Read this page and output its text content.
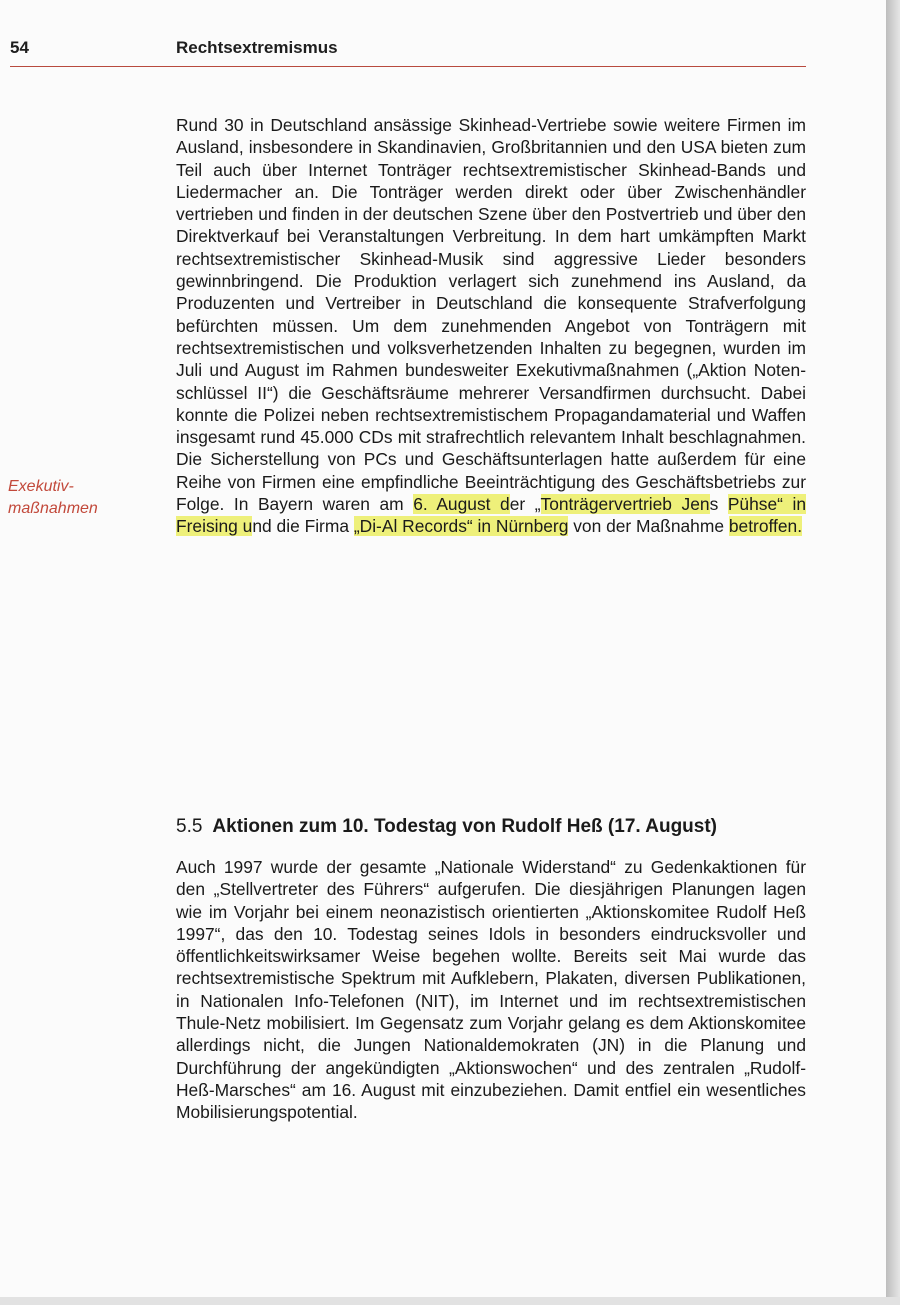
54	Rechtsextremismus
Exekutiv-
maßnahmen

Rund 30 in Deutschland ansässige Skinhead-Vertriebe sowie weitere Firmen im Ausland, insbesondere in Skandinavien, Großbritannien und den USA bieten zum Teil auch über Internet Tonträger rechtsextremistischer Skinhead-Bands und Liedermacher an. Die Tonträger werden direkt oder über Zwischenhändler vertrieben und finden in der deutschen Szene über den Postvertrieb und über den Direktverkauf bei Veranstaltungen Verbreitung. In dem hart umkämpften Markt rechtsextremistischer Skinhead-Musik sind aggressive Lieder besonders gewinnbringend. Die Produktion verlagert sich zunehmend ins Ausland, da Produzenten und Vertreiber in Deutschland die konsequente Strafverfolgung befürchten müssen. Um dem zunehmenden Angebot von Tonträgern mit rechtsextremistischen und volksverhetzenden Inhalten zu begegnen, wurden im Juli und August im Rahmen bundesweiter Exekutivmaßnahmen („Aktion Notenschlüssel II“) die Geschäftsräume mehrerer Versandfirmen durchsucht. Dabei konnte die Polizei neben rechtsextremistischem Propagandamaterial und Waffen insgesamt rund 45.000 CDs mit strafrechtlich relevantem Inhalt beschlagnahmen. Die Sicherstellung von PCs und Geschäftsunterlagen hatte außerdem für eine Reihe von Firmen eine empfindliche Beeinträchtigung des Geschäftsbetriebs zur Folge. In Bayern waren am 6. August der „Tonträgervertrieb Jens Pühse“ in Freising und die Firma „Di-Al Records“ in Nürnberg von der Maßnahme betroffen.

5.5 Aktionen zum 10. Todestag von Rudolf Heß (17. August)

Auch 1997 wurde der gesamte „Nationale Widerstand“ zu Gedenkaktionen für den „Stellvertreter des Führers“ aufgerufen. Die diesjährigen Planungen lagen wie im Vorjahr bei einem neonazistisch orientierten „Aktionskomitee Rudolf Heß 1997“, das den 10. Todestag seines Idols in besonders eindrucksvoller und öffentlichkeitswirksamer Weise begehen wollte. Bereits seit Mai wurde das rechtsextremistische Spektrum mit Aufklebern, Plakaten, diversen Publikationen, in Nationalen Info-Telefonen (NIT), im Internet und im rechtsextremistischen Thule-Netz mobilisiert. Im Gegensatz zum Vorjahr gelang es dem Aktionskomitee allerdings nicht, die Jungen Nationaldemokraten (JN) in die Planung und Durchführung der angekündigten „Aktionswochen“ und des zentralen „Rudolf-Heß-Marsches“ am 16. August mit einzubeziehen. Damit entfiel ein wesentliches Mobilisierungspotential.
